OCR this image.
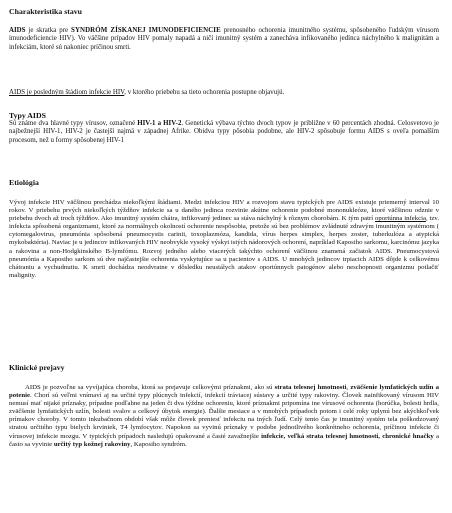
Charakteristika stavu

AIDS je skratka pre SYNDRÓM ZÍSKANEJ IMUNODEFICIENCIE prenosného ochorenia imunitného systému, spôsobeného ľudským vírusom imunodeficiencie HIV). Vo väčšine prípadov HIV pomaly napadá a ničí imunitný systém a zanecháva infikovaného jedinca náchylného k malignitám a infekciám, ktoré sú nakoniec príčinou smrti.

AIDS je posledným štádiom infekcie HIV, v ktorého priebehu sa tieto ochorenia postupne objavujú.

Typy AIDS

Sú známe dva hlavné typy vírusov, označené HIV-1 a HIV-2. Genetická výbava týchto dvoch typov je približne v 60 percentách zhodná. Celosvetovo je najbežnejší HIV-1, HIV-2 je častejší najmä v západnej Afrike. Obidva typy pôsobia podobne, ale HIV-2 spôsobuje formu AIDS s oveľa pomalším procesom, než u formy spôsobenej HIV-1

Etiológia

Vývoj infekcie HIV väčšinou prechádza niekoľkými štádiami. Medzi infekciou HIV a rozvojom stavu typických pre AIDS existuje priemerný interval 10 rokov. V priebehu prvých niekoľkých týždňov infekcie sa u daného jedinca rozvinie akútne ochorenie podobné mononukleóze, ktoré väčšinou odznie v priebehu dvoch až troch týždňov. Ako imunitný systém chátra, infikovaný jedinec sa stáva náchylný k rôznym chorobám. K tým patrí oportúnna infekcia, tzv. infekcia spôsobená organizmami, ktoré za normálnych okolností ochorenie nespôsobia, pretože sú bez problémov zvládnuté zdravým imunitným systémom ( cytomegalovirus, pneumónia spôsobená pneumocystis carinii, toxoplazmóza, kandida, vírus herpes simplex, herpes zoster, tuberkulóza a atypická mykobaktéria). Naviac je u jedincov infikovaných HIV neobvykle vysoký výskyt istých nádorových ochorení, napríklad Kaposiho sarkomu, karcinómu jazyka a rakovina a non-Hodgkinského B-lymfómu. Rozvoj jedného alebo viacerých takýchto ochorení väčšinou znamená začiatok AIDS. Pneumocystová pneumónia a Kaposiho sarkom sú dve najčastejšie ochorenia vyskytujúce sa u pacientov s AIDS. U mnohých jedincov trpiacich AIDS dôjde k celkovému chátraniu a vychudnutiu. K smrti dochádza neodvratne v dôsledku neustálych atakov oportúnnych patogénov alebo neschopnosti organizmu potlačiť malignity.

Klinické prejavy

AIDS je pozvoľne sa vyvíjajúca choroba, ktorá sa prejavuje celkovými príznakmi, ako sú strata telesnej hmotnosti, zväčšenie lymfatických uzlín a potenie. Chorí sú veľmi vnímaví aj na určité typy plúcnych infekcií, infekcií tráviacej sústavy a určité typy rakoviny. Človek nainfikovaný vírusom HIV nemusí mať nijaké príznaky, prípadne podľahne na jeden či dva týždne ochoreniu, ktoré príznakmi pripomína ine vírusové ochorenia (horúčka, bolesti hrdla, zväčšenie lymfatických uzlín, bolesti svalov a celkový úbytok energie). Ďalšie mesiace a v mnohých prípadoch potom i celé roky uplynú bez akýchkoľvek prímakov choroby. V tomto inkubačnom období však môže človek preniesť infekciu na iných ľudí. Celý tento čas je imunitný systém tela poškodzovaný stratou určitého typu bielych krviniek, T4 lymfocytov. Napokon sa vyvinú príznaky v podobe jednotlivého konkrétneho ochorenia, príčinou infekcie či vírusovej infekcie mozgu. V typických prípadoch nasledujú opakované a časté zavažnejšie infekcie, veľká strata telesnej hmotnosti, chronické hnačky a často sa vyvinie určitý typ kožnej rakoviny, Kaposiho syndróm.
